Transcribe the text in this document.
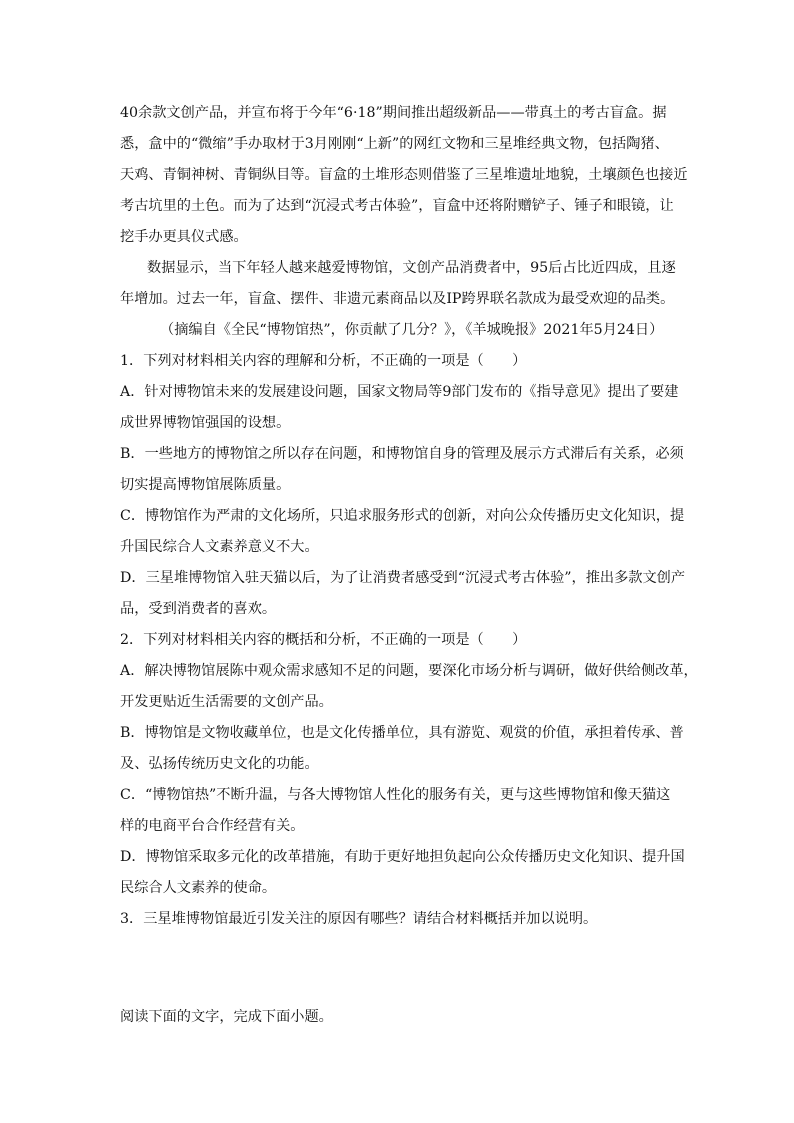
40余款文创产品，并宣布将于今年“6·18”期间推出超级新品——带真土的考古盲盒。据

悉，盒中的“微缩”手办取材于3月刚刚“上新”的网红文物和三星堆经典文物，包括陶猪、

天鸡、青铜神树、青铜纵目等。盲盒的土堆形态则借鉴了三星堆遗址地貌，土壤颜色也接近

考古坑里的土色。而为了达到“沉浸式考古体验”，盲盒中还将附赠铲子、锤子和眼镜，让

挖手办更具仪式感。

数据显示，当下年轻人越来越爱博物馆，文创产品消费者中，95后占比近四成，且逐

年增加。过去一年，盲盒、摆件、非遗元素商品以及IP跨界联名款成为最受欢迎的品类。

（摘编自《全民“博物馆热”，你贡献了几分？》，《羊城晚报》2021年5月24日）

1．下列对材料相关内容的理解和分析，不正确的一项是（　　）

A．针对博物馆未来的发展建设问题，国家文物局等9部门发布的《指导意见》提出了要建

成世界博物馆强国的设想。

B．一些地方的博物馆之所以存在问题，和博物馆自身的管理及展示方式滞后有关系，必须

切实提高博物馆展陈质量。

C．博物馆作为严肃的文化场所，只追求服务形式的创新，对向公众传播历史文化知识，提

升国民综合人文素养意义不大。

D．三星堆博物馆入驻天猫以后，为了让消费者感受到“沉浸式考古体验”，推出多款文创产

品，受到消费者的喜欢。

2．下列对材料相关内容的概括和分析，不正确的一项是（　　）

A．解决博物馆展陈中观众需求感知不足的问题，要深化市场分析与调研，做好供给侧改革，

开发更贴近生活需要的文创产品。

B．博物馆是文物收藏单位，也是文化传播单位，具有游览、观赏的价值，承担着传承、普

及、弘扬传统历史文化的功能。

C．“博物馆热”不断升温，与各大博物馆人性化的服务有关，更与这些博物馆和像天猫这

样的电商平台合作经营有关。

D．博物馆采取多元化的改革措施，有助于更好地担负起向公众传播历史文化知识、提升国

民综合人文素养的使命。

3．三星堆博物馆最近引发关注的原因有哪些？请结合材料概括并加以说明。

阅读下面的文字，完成下面小题。
